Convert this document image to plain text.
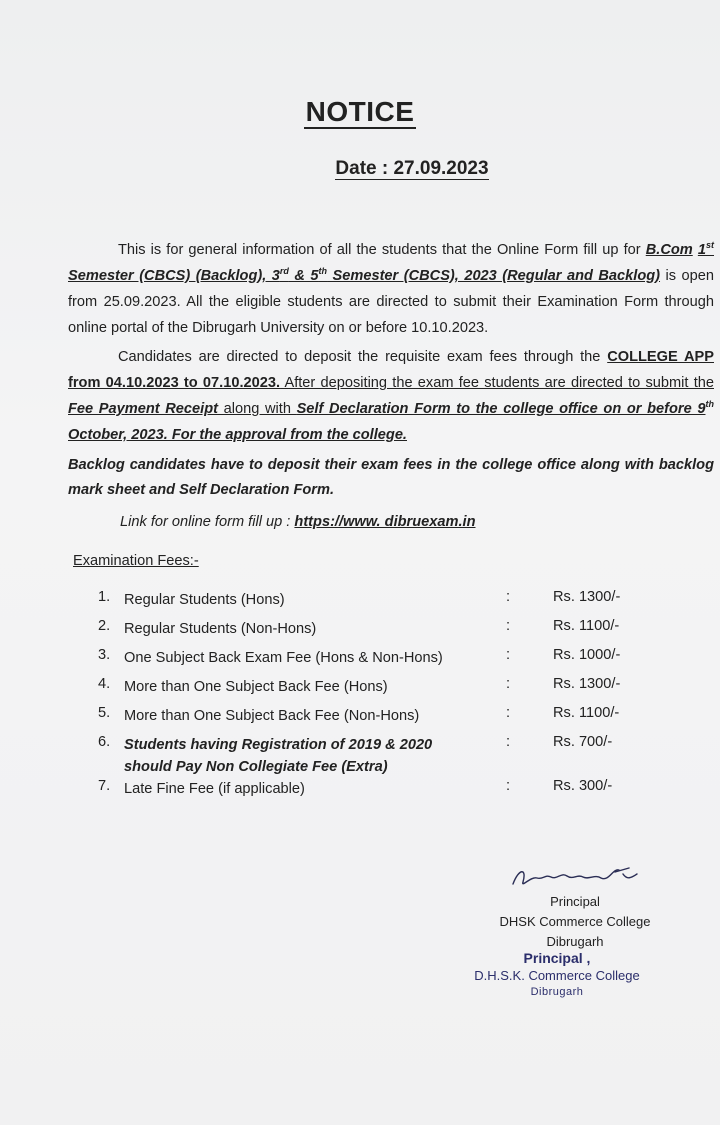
NOTICE
Date : 27.09.2023

This is for general information of all the students that the Online Form fill up for B.Com 1st Semester (CBCS) (Backlog), 3rd & 5th Semester (CBCS), 2023 (Regular and Backlog) is open from 25.09.2023. All the eligible students are directed to submit their Examination Form through online portal of the Dibrugarh University on or before 10.10.2023.

Candidates are directed to deposit the requisite exam fees through the COLLEGE APP from 04.10.2023 to 07.10.2023. After depositing the exam fee students are directed to submit the Fee Payment Receipt along with Self Declaration Form to the college office on or before 9th October, 2023. For the approval from the college.

Backlog candidates have to deposit their exam fees in the college office along with backlog mark sheet and Self Declaration Form.
Link for online form fill up : https://www. dibruexam.in
Examination Fees:-
1. Regular Students (Hons)	:	Rs. 1300/-
2. Regular Students (Non-Hons)	:	Rs. 1100/-
3. One Subject Back Exam Fee (Hons & Non-Hons)	:	Rs. 1000/-
4. More than One Subject Back Fee (Hons)	:	Rs. 1300/-
5. More than One Subject Back Fee (Non-Hons)	:	Rs. 1100/-
6. Students having Registration of 2019 & 2020 should Pay Non Collegiate Fee (Extra)
:	Rs. 700/-
7. Late Fine Fee (if applicable)	:	Rs. 300/-
Principal
DHSK Commerce College
Dibrugarh
Principal ,
D.H.S.K. Commerce College
Dibrugarh
